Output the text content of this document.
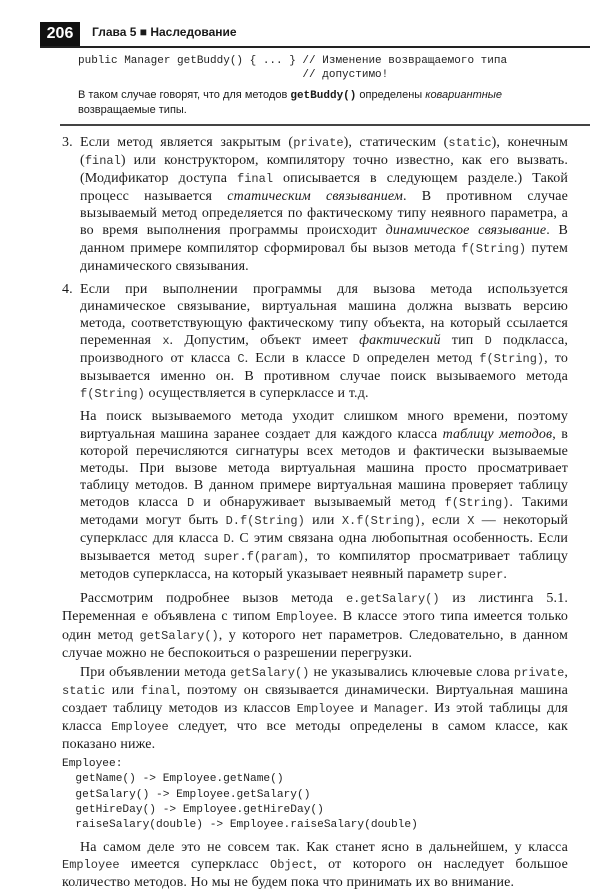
206	Глава 5 ■ Наследование
public Manager getBuddy() { ... } // Изменение возвращаемого типа
// допустимо!

В таком случае говорят, что для методов getBuddy() определены ковариантные возвращаемые типы.

3. Если метод является закрытым (private), статическим (static), конечным (final) или конструктором, компилятору точно известно, как его вызвать. (Модификатор доступа final описывается в следующем разделе.) Такой процесс называется статическим связыванием. В противном случае вызываемый метод определяется по фактическому типу неявного параметра, а во время выполнения программы происходит динамическое связывание. В данном примере компилятор сформировал бы вызов метода f(String) путем динамического связывания.
4. Если при выполнении программы для вызова метода используется динамическое связывание, виртуальная машина должна вызвать версию метода, соответствующую фактическому типу объекта, на который ссылается переменная x. Допустим, объект имеет фактический тип D подкласса, производного от класса C. Если в классе D определен метод f(String), то вызывается именно он. В противном случае поиск вызываемого метода f(String) осуществляется в суперклассе и т.д.

На поиск вызываемого метода уходит слишком много времени, поэтому виртуальная машина заранее создает для каждого класса таблицу методов, в которой перечисляются сигнатуры всех методов и фактически вызываемые методы. При вызове метода виртуальная машина просто просматривает таблицу методов. В данном примере виртуальная машина проверяет таблицу методов класса D и обнаруживает вызываемый метод f(String). Такими методами могут быть D.f(String) или X.f(String), если X — некоторый суперкласс для класса D. С этим связана одна любопытная особенность. Если вызывается метод super.f(param), то компилятор просматривает таблицу методов суперкласса, на который указывает неявный параметр super.

Рассмотрим подробнее вызов метода e.getSalary() из листинга 5.1. Переменная e объявлена с типом Employee. В классе этого типа имеется только один метод getSalary(), у которого нет параметров. Следовательно, в данном случае можно не беспокоиться о разрешении перегрузки.

При объявлении метода getSalary() не указывались ключевые слова private, static или final, поэтому он связывается динамически. Виртуальная машина создает таблицу методов из классов Employee и Manager. Из этой таблицы для класса Employee следует, что все методы определены в самом классе, как показано ниже.

Employee:
getName() -> Employee.getName()
getSalary() -> Employee.getSalary()
getHireDay() -> Employee.getHireDay()
raiseSalary(double) -> Employee.raiseSalary(double)

На самом деле это не совсем так. Как станет ясно в дальнейшем, у класса Employee имеется суперкласс Object, от которого он наследует большое количество методов. Но мы не будем пока что принимать их во внимание.
